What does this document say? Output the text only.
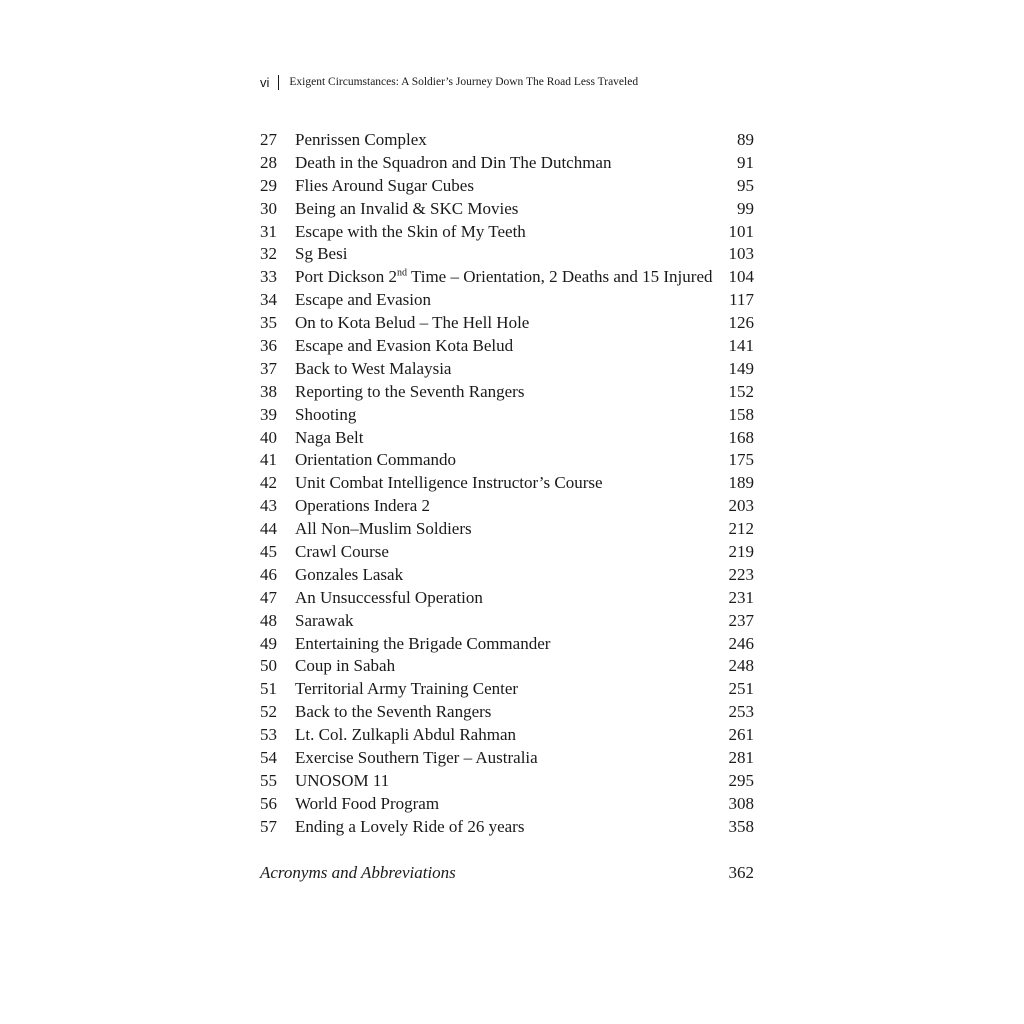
vi Exigent Circumstances: A Soldier’s Journey Down The Road Less Traveled
27	Penrissen Complex	89
28	Death in the Squadron and Din The Dutchman	91
29	Flies Around Sugar Cubes	95
30	Being an Invalid & SKC Movies	99
31	Escape with the Skin of My Teeth	101
32	Sg Besi	103
33	Port Dickson 2nd Time – Orientation, 2 Deaths and 15 Injured 104
34	Escape and Evasion	117
35	On to Kota Belud – The Hell Hole	126
36	Escape and Evasion Kota Belud	141
37	Back to West Malaysia	149
38	Reporting to the Seventh Rangers	152
39	Shooting	158
40	Naga Belt	168
41	Orientation Commando	175
42	Unit Combat Intelligence Instructor’s Course	189
43	Operations Indera 2	203
44	All Non–Muslim Soldiers	212
45	Crawl Course	219
46	Gonzales Lasak	223
47	An Unsuccessful Operation	231
48	Sarawak	237
49	Entertaining the Brigade Commander	246
50	Coup in Sabah	248
51	Territorial Army Training Center	251
52	Back to the Seventh Rangers	253
53	Lt. Col. Zulkapli Abdul Rahman	261
54	Exercise Southern Tiger – Australia	281
55	UNOSOM 11	295
56	World Food Program	308
57	Ending a Lovely Ride of 26 years	358
Acronyms and Abbreviations	362
